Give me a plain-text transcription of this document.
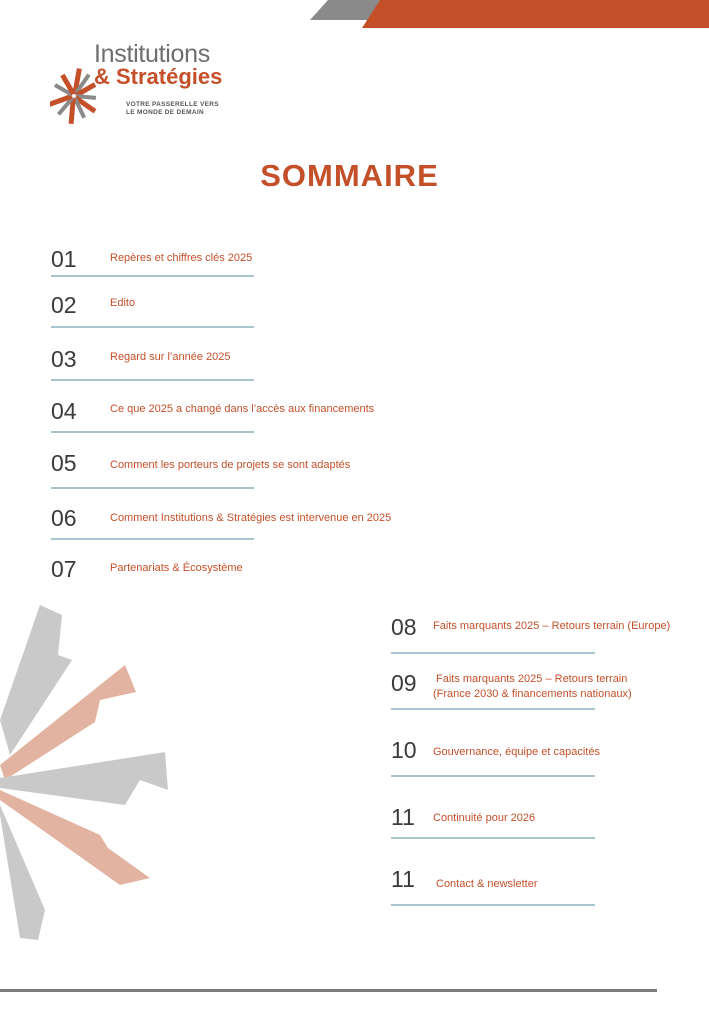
Institutions
& Stratégies
VOTRE PASSERELLE VERS
LE MONDE DE DEMAIN
SOMMAIRE
01	Repères et chiffres clés 2025
02	Edito
03	Regard sur l’année 2025
04	Ce que 2025 a changé dans l’accès aux financements
05	Comment les porteurs de projets se sont adaptés
06	Comment Institutions & Stratégies est intervenue en 2025
07	Partenariats & Écosystème
08 Faits marquants 2025 – Retours terrain (Europe)
09 Faits marquants 2025 – Retours terrain
(France 2030 & financements nationaux)
10 Gouvernance, équipe et capacités
11 Continuité pour 2026
11 Contact & newsletter
